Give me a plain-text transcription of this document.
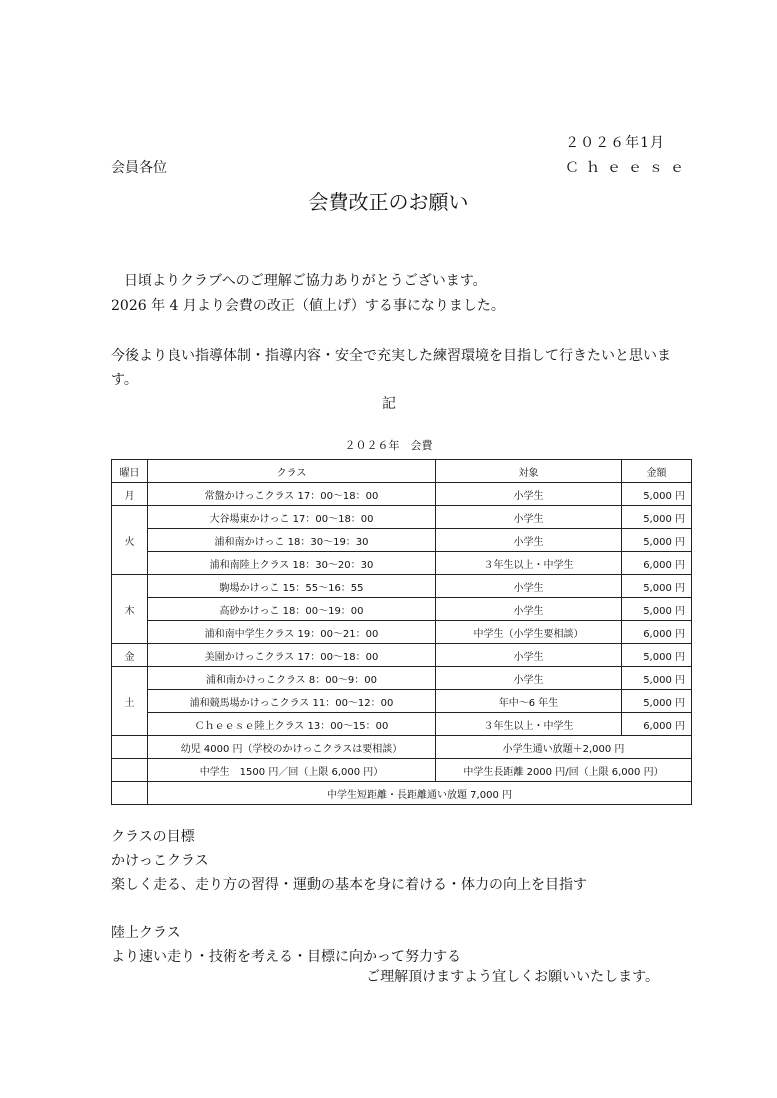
２０２６年1月
会員各位	Ｃｈｅｅｓｅ
会費改正のお願い
日頃よりクラブへのご理解ご協力ありがとうございます。
2026 年 4 月より会費の改正（値上げ）する事になりました。
今後より良い指導体制・指導内容・安全で充実した練習環境を目指して行きたいと思いま
す。
記
２０２６年　会費
曜日	クラス	対象	金額
月	常盤かけっこクラス 17：00〜18：00	小学生	5,000 円
火	大谷場東かけっこ 17：00〜18：00	小学生	5,000 円
	浦和南かけっこ 18：30〜19：30	小学生	5,000 円
	浦和南陸上クラス 18：30〜20：30	３年生以上・中学生	6,000 円
木	駒場かけっこ 15：55〜16：55	小学生	5,000 円
	高砂かけっこ 18：00〜19：00	小学生	5,000 円
	浦和南中学生クラス 19：00〜21：00	中学生（小学生要相談）	6,000 円
金	美園かけっこクラス 17：00〜18：00	小学生	5,000 円
土	浦和南かけっこクラス 8：00〜9：00	小学生	5,000 円
	浦和競馬場かけっこクラス 11：00〜12：00	年中〜6 年生	5,000 円
	Ｃｈｅｅｓｅ陸上クラス 13：00〜15：00	３年生以上・中学生	6,000 円
	幼児 4000 円（学校のかけっこクラスは要相談）	小学生通い放題＋2,000 円	
	中学生　1500 円／回（上限 6,000 円）	中学生長距離 2000 円/回（上限 6,000 円）	
	中学生短距離・長距離通い放題 7,000 円		
クラスの目標
かけっこクラス
楽しく走る、走り方の習得・運動の基本を身に着ける・体力の向上を目指す
陸上クラス
より速い走り・技術を考える・目標に向かって努力する
ご理解頂けますよう宜しくお願いいたします。
